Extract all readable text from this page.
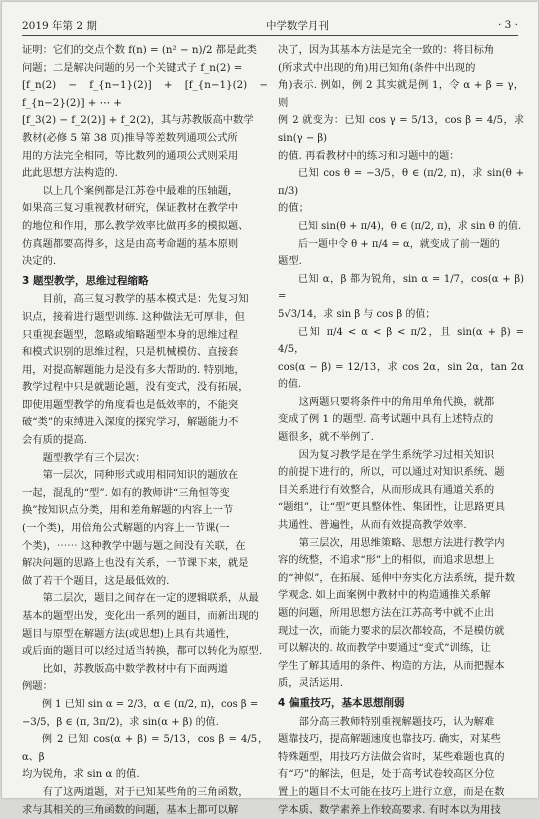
2019 年第 2 期	中学数学月刊	· 3 ·

证明：它们的交点个数 f(n) = (n² − n)/2 都是此类

问题；二是解决问题的另一个关键式子 f_n(2) =

[f_n(2) − f_{n−1}(2)] + [f_{n−1}(2) − f_{n−2}(2)] + ⋯ +

[f_3(2) − f_2(2)] + f_2(2)，其与苏教版高中数学

教材(必修 5 第 38 页)推导等差数列通项公式所

用的方法完全相同，等比数列的通项公式则采用

此此思想方法构造的.

以上几个案例都是江苏卷中最难的压轴题，

如果高三复习重视教材研究，保证教材在教学中

的地位和作用，那么教学效率比做再多的模拟题、

仿真题都要高得多，这是由高考命题的基本原则

决定的.

3 题型教学，思维过程缩略

目前，高三复习教学的基本模式是：先复习知

识点，接着进行题型训练. 这种做法无可厚非，但

只重视套题型，忽略或缩略题型本身的思维过程

和模式识别的思维过程，只是机械模仿、直接套

用，对提高解题能力是没有多大帮助的. 特别地，

教学过程中只是就题论题，没有变式，没有拓展，

即使用题型教学的角度看也是低效率的，不能突

破“类”的束缚进入深度的探究学习，解题能力不

会有质的提高.

题型教学有三个层次：

第一层次，同种形式或用相同知识的题放在

一起，混乱的“型”. 如有的教师讲“三角恒等变

换”按知识点分类，用和差角解题的内容上一节

(一个类)，用倍角公式解题的内容上一节课(一

个类)，⋯⋯ 这种教学中题与题之间没有关联，在

解决问题的思路上也没有关系，一节课下来，就是

做了若干个题目，这是最低效的.

第二层次，题目之间存在一定的逻辑联系，从最

基本的题型出发，变化出一系列的题目，而新出现的

题目与原型在解题方法(或思想)上具有共通性，

或后面的题目可以经过适当转换，都可以转化为原型.

比如，苏教版高中数学教材中有下面两道

例题：

例 1 已知 sin α = 2/3，α ∈ (π/2, π)，cos β =

−3/5，β ∈ (π, 3π/2)，求 sin(α + β) 的值.

例 2 已知 cos(α + β) = 5/13，cos β = 4/5，α、β

均为锐角，求 sin α 的值.

有了这两道题，对于已知某些角的三角函数，

求与其相关的三角函数的问题，基本上都可以解

决了，因为其基本方法是完全一致的：将目标角

(所求式中出现的角)用已知角(条件中出现的

角)表示. 例如，例 2 其实就是例 1，令 α + β = γ，则

例 2 就变为：已知 cos γ = 5/13，cos β = 4/5，求 sin(γ − β)

的值. 再看教材中的练习和习题中的题：

已知 cos θ = −3/5，θ ∈ (π/2, π)，求 sin(θ + π/3)

的值；

已知 sin(θ + π/4)，θ ∈ (π/2, π)，求 sin θ 的值.

后一题中令 θ + π/4 = α，就变成了前一题的

题型.

已知 α，β 都为锐角，sin α = 1/7，cos(α + β) =

5√3/14，求 sin β 与 cos β 的值；

已知 π/4 < α < β < π/2，且 sin(α + β) = 4/5，

cos(α − β) = 12/13，求 cos 2α，sin 2α，tan 2α 的值.

这两题只要将条件中的角用单角代换，就都

变成了例 1 的题型. 高考试题中具有上述特点的

题很多，就不举例了.

因为复习教学是在学生系统学习过相关知识

的前提下进行的，所以，可以通过对知识系统、题

目关系进行有效整合，从而形成具有通道关系的

“题组”，让“型”更具整体性、集团性，让思路更具

共通性、普遍性，从而有效提高教学效率.

第三层次，用思维策略、思想方法进行教学内

容的统整，不追求“形”上的相似，而追求思想上

的“神似”，在拓展、延伸中夯实化方法系统，提升数

学观念. 如上面案例中教材中的构造通推关系解

题的问题，所用思想方法在江苏高考中就不止出

现过一次，而能力要求的层次都较高，不是模仿就

可以解决的. 故而教学中要通过“变式”训练，让

学生了解其适用的条件、构造的方法，从而把握本

质，灵活运用.

4 偏重技巧，基本思想削弱

部分高三教师特别重视解题技巧，认为解难

题靠技巧，提高解题速度也靠技巧. 确实，对某些

特殊题型，用技巧方法做会省时，某些难题也真的

有“巧”的解法，但是，处于高考试卷较高区分位

置上的题目不太可能在技巧上进行立意，而是在数

学本质、数学素养上作较高要求. 有时本以为用技
